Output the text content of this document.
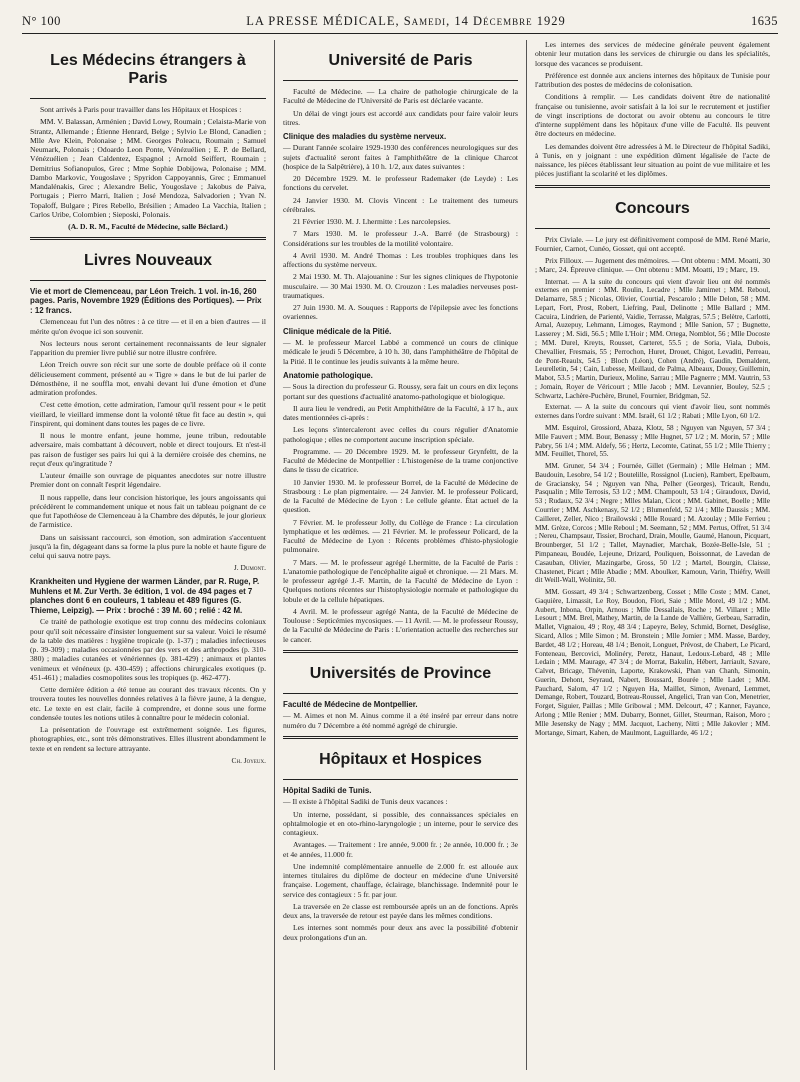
N° 100	LA PRESSE MÉDICALE, Samedi, 14 Décembre 1929	1635
Les Médecins étrangers à Paris

Sont arrivés à Paris pour travailler dans les Hôpitaux et Hospices :

MM. V. Balassan, Arménien ; David Lowy, Roumain ; Celaista-Marie von Strantz, Allemande ; Étienne Henrard, Belge ; Sylvio Le Blond, Canadien ; Mlle Ave Klein, Polonaise ; MM. Georges Poleacu, Roumain ; Samuel Neumark, Polonais ; Odoardo Leon Ponte, Vénézuélien ; E. P. de Bellard, Vénézuélien ; Jean Caldentez, Espagnol ; Arnold Seiffert, Roumain ; Demitrius Sofianopulos, Grec ; Mme Sophie Dobijowa, Polonaise ; MM. Dambo Markovic, Yougoslave ; Spyridon Cappoyannis, Grec ; Emmanuel Mandalénakis, Grec ; Alexandre Belic, Yougoslave ; Jakobus de Paiva, Portugais ; Pierro Marri, Italien ; José Mendoza, Salvadorien ; Yvan N. Topaloff, Bulgare ; Pires Rebello, Brésilien ; Amadeo La Vacchia, Italien ; Carlos Uribe, Colombien ; Sieposki, Polonais.

(A. D. R. M., Faculté de Médecine, salle Béclard.)
Livres Nouveaux
Vie et mort de Clemenceau, par Léon Treich. 1 vol. in-16, 260 pages. Paris, Novembre 1929 (Éditions des Portiques). — Prix : 12 francs.

Clemenceau fut l'un des nôtres : à ce titre — et il en a bien d'autres — il mérite qu'on évoque ici son souvenir.

Nos lecteurs nous seront certainement reconnaissants de leur signaler l'apparition du premier livre publié sur notre illustre confrère.

Léon Treich ouvre son récit sur une sorte de double préface où il conte délicieusement comment, présenté au « Tigre » dans le but de lui parler de Démosthène, il ne souffla mot, envahi devant lui d'une émotion et d'une admiration profondes.

C'est cette émotion, cette admiration, l'amour qu'il ressent pour « le petit vieillard, le vieillard immense dont la volonté têtue fit face au destin », qui l'inspirent, qui dominent dans toutes les pages de ce livre.

Il nous le montre enfant, jeune homme, jeune tribun, redoutable adversaire, mais combattant à découvert, noble et direct toujours. Et n'est-il pas raison de fustiger ses pairs lui qui à la dernière croisée des chemins, ne reçut d'eux qu'ingratitude ?

L'auteur émaille son ouvrage de piquantes anecdotes sur notre illustre Premier dont on connaît l'esprit légendaire.

Il nous rappelle, dans leur concision historique, les jours angoissants qui précédèrent le commandement unique et nous fait un tableau poignant de ce que fut l'apothéose de Clemenceau à la Chambre des députés, le jour glorieux de l'armistice.

Dans un saisissant raccourci, son émotion, son admiration s'accentuent jusqu'à la fin, dégageant dans sa forme la plus pure la noble et haute figure de celui qui sauva notre pays.

J. Dumont.
Krankheiten und Hygiene der warmen Länder, par R. Ruge, P. Muhlens et M. Zur Verth. 3e édition, 1 vol. de 494 pages et 7 planches dont 6 en couleurs, 1 tableau et 489 figures (G. Thieme, Leipzig). — Prix : broché : 39 M. 60 ; relié : 42 M.

Ce traité de pathologie exotique est trop connu des médecins coloniaux pour qu'il soit nécessaire d'insister longuement sur sa valeur. Voici le résumé de la table des matières : hygiène tropicale (p. 1-37) ; maladies infectieuses (p. 39-309) ; maladies occasionnées par des vers et des arthropodes (p. 310-380) ; maladies cutanées et vénériennes (p. 381-429) ; animaux et plantes venimeux et vénéneux (p. 430-459) ; affections chirurgicales exotiques (p. 451-461) ; maladies cosmopolites sous les tropiques (p. 462-477).

Cette dernière édition a été tenue au courant des travaux récents. On y trouvera toutes les nouvelles données relatives à la fièvre jaune, à la dengue, etc. Le texte en est clair, facile à comprendre, et donne sous une forme condensée toutes les notions utiles à connaître pour le médecin colonial.

La présentation de l'ouvrage est extrêmement soignée. Les figures, photographies, etc., sont très démonstratives. Elles illustrent abondamment le texte et en rendent sa lecture attrayante.

Ch. Joyeux.
Université de Paris

Faculté de Médecine. — La chaire de pathologie chirurgicale de la Faculté de Médecine de l'Université de Paris est déclarée vacante.

Un délai de vingt jours est accordé aux candidats pour faire valoir leurs titres.

Clinique des maladies du système nerveux.

— Durant l'année scolaire 1929-1930 des conférences neurologiques sur des sujets d'actualité seront faites à l'amphithéâtre de la clinique Charcot (hospice de la Salpêtrière), à 10 h. 1/2, aux dates suivantes :

20 Décembre 1929. M. le professeur Rademaker (de Leyde) : Les fonctions du cervelet.

24 Janvier 1930. M. Clovis Vincent : Le traitement des tumeurs cérébrales.

21 Février 1930. M. J. Lhermitte : Les narcolepsies.

7 Mars 1930. M. le professeur J.-A. Barré (de Strasbourg) : Considérations sur les troubles de la motilité volontaire.

4 Avril 1930. M. André Thomas : Les troubles trophiques dans les affections du système nerveux.

2 Mai 1930. M. Th. Alajouanine : Sur les signes cliniques de l'hypotonie musculaire. — 30 Mai 1930. M. O. Crouzon : Les maladies nerveuses post-traumatiques.

27 Juin 1930. M. A. Souques : Rapports de l'épilepsie avec les fonctions ovariennes.

Clinique médicale de la Pitié.

— M. le professeur Marcel Labbé a commencé un cours de clinique médicale le jeudi 5 Décembre, à 10 h. 30, dans l'amphithéâtre de l'hôpital de la Pitié. Il le continue les jeudis suivants à la même heure.

Anatomie pathologique.

— Sous la direction du professeur G. Roussy, sera fait un cours en dix leçons portant sur des questions d'actualité anatomo-pathologique et biologique.

Il aura lieu le vendredi, au Petit Amphithéâtre de la Faculté, à 17 h., aux dates mentionnées ci-après :

Les leçons s'intercaleront avec celles du cours régulier d'Anatomie pathologique ; elles ne comportent aucune inscription spéciale.

Programme. — 20 Décembre 1929. M. le professeur Grynfeltt, de la Faculté de Médecine de Montpellier : L'histogenèse de la trame conjonctive dans le tissu de cicatrice.

10 Janvier 1930. M. le professeur Borrel, de la Faculté de Médecine de Strasbourg : Le plan pigmentaire. — 24 Janvier. M. le professeur Policard, de la Faculté de Médecine de Lyon : Le cellule géante. État actuel de la question.

7 Février. M. le professeur Jolly, du Collège de France : La circulation lymphatique et les œdèmes. — 21 Février. M. le professeur Policard, de la Faculté de Médecine de Lyon : Récents problèmes d'histo-physiologie pulmonaire.

7 Mars. — M. le professeur agrégé Lhermitte, de la Faculté de Paris : L'anatomie pathologique de l'encéphalite aiguë et chronique. — 21 Mars. M. le professeur agrégé J.-F. Martin, de la Faculté de Médecine de Lyon : Quelques notions récentes sur l'histophysiologie normale et pathologique du lobule et de la cellule hépatiques.

4 Avril. M. le professeur agrégé Nanta, de la Faculté de Médecine de Toulouse : Septicémies mycosiques. — 11 Avril. — M. le professeur Roussy, de la Faculté de Médecine de Paris : L'orientation actuelle des recherches sur le cancer.

Universités de Province
Faculté de Médecine de Montpellier.

— M. Aimes et non M. Ainus comme il a été inséré par erreur dans notre numéro du 7 Décembre a été nommé agrégé de chirurgie.

Hôpitaux et Hospices
Hôpital Sadiki de Tunis.

— Il existe à l'hôpital Sadiki de Tunis deux vacances :

Un interne, possédant, si possible, des connaissances spéciales en ophtalmologie et en oto-rhino-laryngologie ; un interne, pour le service des contagieux.

Avantages. — Traitement : 1re année, 9.000 fr. ; 2e année, 10.000 fr. ; 3e et 4e années, 11.000 fr.

Une indemnité complémentaire annuelle de 2.000 fr. est allouée aux internes titulaires du diplôme de docteur en médecine d'une Université française. Logement, chauffage, éclairage, blanchissage. Indemnité pour le service des contagieux : 5 fr. par jour.

La traversée en 2e classe est remboursée après un an de fonctions. Après deux ans, la traversée de retour est payée dans les mêmes conditions.

Les internes sont nommés pour deux ans avec la possibilité d'obtenir deux prolongations d'un an.

Les internes des services de médecine générale peuvent également obtenir leur mutation dans les services de chirurgie ou dans les spécialités, lorsque des vacances se produisent.

Préférence est donnée aux anciens internes des hôpitaux de Tunisie pour l'attribution des postes de médecins de colonisation.

Conditions à remplir. — Les candidats doivent être de nationalité française ou tunisienne, avoir satisfait à la loi sur le recrutement et justifier de vingt inscriptions de doctorat ou avoir obtenu au concours le titre d'interne supplément dans les hôpitaux d'une ville de Faculté. Ils peuvent être docteurs en médecine.

Les demandes doivent être adressées à M. le Directeur de l'hôpital Sadiki, à Tunis, en y joignant : une expédition dûment légalisée de l'acte de naissance, les pièces établissant leur situation au point de vue militaire et les pièces justifiant la scolarité et les diplômes.

Concours

Prix Civiale. — Le jury est définitivement composé de MM. René Marie, Fournier, Carnot, Cunéo, Gosset, qui ont accepté.

Prix Filloux. — Jugement des mémoires. — Ont obtenu : MM. Moatti, 30 ; Marc, 24. Épreuve clinique. — Ont obtenu : MM. Moatti, 19 ; Marc, 19.

Internat. — A la suite du concours qui vient d'avoir lieu ont été nommés externes en premier : MM. Roulin, Lecadre ; Mlle Jamimet ; MM. Reboul, Delamarre, 58.5 ; Nicolas, Olivier, Courtial, Pescarolo ; Mlle Delon, 58 ; MM. Lepart, Fort, Prost, Robert, Liefring, Paul, Delinotte ; Mlle Ballard ; MM. Cacuira, Lindrien, de Parienté, Vaidie, Terrasse, Malgras, 57.5 ; Belètre, Carlotti, Arnal, Auzepuy, Lehmann, Limoges, Raymond ; Mlle Sanion, 57 ; Bugnette, Lasserey ; M. Sidi, 56.5 ; Mlle L'Hoir ; MM. Ortega, Nomblot, 56 ; Mlle Docoste ; MM. Durel, Kreyts, Rousset, Carteret, 55.5 ; de Soria, Viala, Dubois, Chevallier, Fresmais, 55 ; Perrochon, Huret, Drouet, Chigot, Levaditi, Perreau, de Pont-Reaulx, 54.5 ; Bloch (Léon), Cohen (André), Gaudin, Demaldent, Leurelletin, 54 ; Cain, Lubesse, Meillaud, de Palma, Albeaux, Douey, Guillemin, Mabot, 53.5 ; Martin, Durieux, Moline, Sarrau ; Mlle Pagnerre ; MM. Vautrin, 53 ; Jomain, Royer de Véricourt ; Mlle Jacob ; MM. Levannier, Bouley, 52.5 ; Schwartz, Lachère-Puchère, Brunel, Fournier, Bridgman, 52.

Externat. — A la suite du concours qui vient d'avoir lieu, sont nommés externes dans l'ordre suivant : MM. Israël, 61 1/2 ; Rabati ; Mlle Lyon, 60 1/2.

MM. Esquirol, Grossiord, Abaza, Klotz, 58 ; Nguyen van Nguyen, 57 3/4 ; Mlle Fauvert ; MM. Bour, Benassy ; Mlle Hugnet, 57 1/2 ; M. Morin, 57 ; Mlle Pabry, 56 1/4 ; MM. Aldefy, 56 ; Hertz, Lecomte, Catinat, 55 1/2 ; Mlle Thierry ; MM. Feuillet, Thorel, 55.

MM. Gruner, 54 3/4 ; Fournée, Gillet (Germain) ; Mlle Helman ; MM. Baudouin, Lesobre, 54 1/2 ; Boutelille, Rossignol (Lucien), Rambert, Epelbaum, de Graciansky, 54 ; Nguyen van Nha, Pelher (Georges), Tricault, Rendu, Pasqualin ; Mlle Terrosis, 53 1/2 ; MM. Champoult, 53 1/4 ; Giraudoux, David, 53 ; Rudaux, 52 3/4 ; Negre ; Mlles Malan, Cicot ; MM. Gabinet, Boelle ; Mlle Courrier ; MM. Aschkenasy, 52 1/2 ; Blumenfeld, 52 1/4 ; Mlle Daussis ; MM. Cailleret, Zeller, Nico ; Brailowski ; Mlle Rouard ; M. Azoulay ; Mlle Ferrieu ; MM. Grèze, Corcos ; Mlle Reboul ; M. Seemann, 52 ; MM. Pertus, Offret, 51 3/4 ; Nereu, Champsaur, Tissier, Brochard, Drain, Moulle, Gaumé, Hanoun, Picquart, Brounberger, 51 1/2 ; Tallet, Maynadier, Marchak, Bozée-Belle-Isle, 51 ; Pimpaneau, Boudée, Lejeune, Drizard, Pouliquen, Boissonnat, de Lavedan de Casauban, Olivier, Mazingarbe, Gross, 50 1/2 ; Martel, Bourgin, Claisse, Chastenet, Picart ; Mlle Abadie ; MM. Aboulker, Kamoun, Varin, Thiéfry, Weill dit Weill-Wall, Wolinitz, 50.

MM. Gossart, 49 3/4 ; Schwartzenberg, Cosset ; Mlle Coste ; MM. Canet, Gaquière, Limassit, Le Roy, Boudon, Flori, Saie ; Mlle Morel, 49 1/2 ; MM. Aubert, Inbona, Orpin, Arnous ; Mlle Dessallais, Roche ; M. Villaret ; Mlle Lesourt ; MM. Brel, Mathey, Martin, de la Lande de Vallière, Gerbeau, Sarradin, Mallet, Vignaiou, 49 ; Roy, 48 3/4 ; Lapeyre, Beley, Schmid, Bornet, Deséglise, Sicard, Allos ; Mlle Simon ; M. Bronstein ; Mlle Jomier ; MM. Masse, Bardey, Bardet, 48 1/2 ; Horeau, 48 1/4 ; Benoit, Longuet, Prévost, de Chabert, Le Picard, Fonteneau, Bercovici, Molinéry, Peretz, Hanaut, Ledoux-Lebard, 48 ; Mlle Ledain ; MM. Maurage, 47 3/4 ; de Morrat, Bakulin, Hébert, Jarriault, Szvare, Calvet, Bricage, Thévenin, Laporte, Krakowski, Phan van Chanh, Simonin, Guerin, Dehont, Seyraud, Nabert, Boussard, Bourée ; Mlle Ladet ; MM. Pauchard, Salom, 47 1/2 ; Nguyen Ha, Maillet, Simon, Avenard, Lemmet, Demange, Robert, Touzard, Botreau-Roussel, Angelici, Tran van Con, Menetrier, Forget, Siguier, Paillas ; Mlle Gribowal ; MM. Delcourt, 47 ; Kanner, Fayance, Arlong ; Mlle Renier ; MM. Dubarry, Bonnet, Gillet, Steurman, Raison, Moro ; Mlle Jesensky de Nagy ; MM. Jacquot, Lacheny, Nitti ; Mlle Jakovler ; MM. Mortange, Simart, Kahen, de Maulmont, Laguillarde, 46 1/2 ;
